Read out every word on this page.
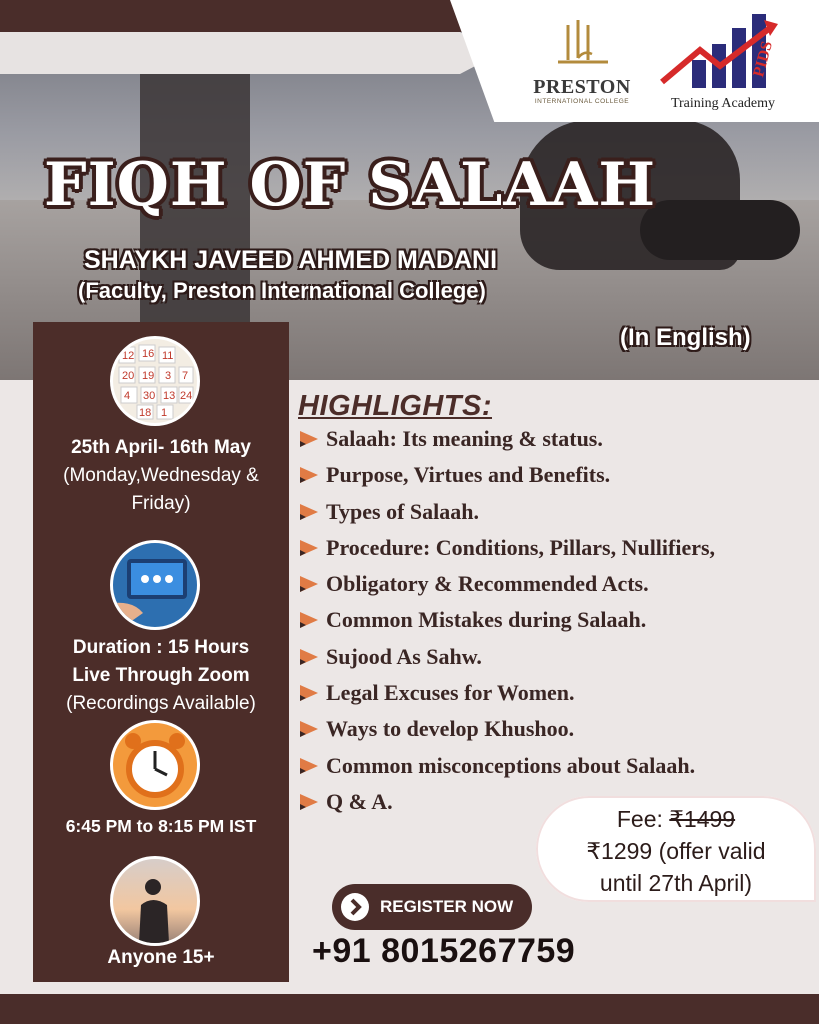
PRESTON
INTERNATIONAL COLLEGE
PIDS
Training Academy
FIQH OF SALAAH
SHAYKH JAVEED AHMED MADANI
(Faculty, Preston International College)
(In English)
12 16 11
20 19 3 7
4 30 13 24
18 1
25th April- 16th May
(Monday,Wednesday & Friday)
Duration : 15 Hours
Live Through Zoom
(Recordings Available)
6:45 PM to 8:15 PM IST
Anyone 15+
HIGHLIGHTS:
Salaah: Its meaning & status.
Purpose, Virtues and Benefits.
Types of Salaah.
Procedure: Conditions, Pillars, Nullifiers,
Obligatory & Recommended Acts.
Common Mistakes during Salaah.
Sujood As Sahw.
Legal Excuses for Women.
Ways to develop Khushoo.
Common misconceptions about Salaah.
Q & A.
Fee: ₹1499
₹1299 (offer valid
until 27th April)
REGISTER NOW
+91 8015267759
